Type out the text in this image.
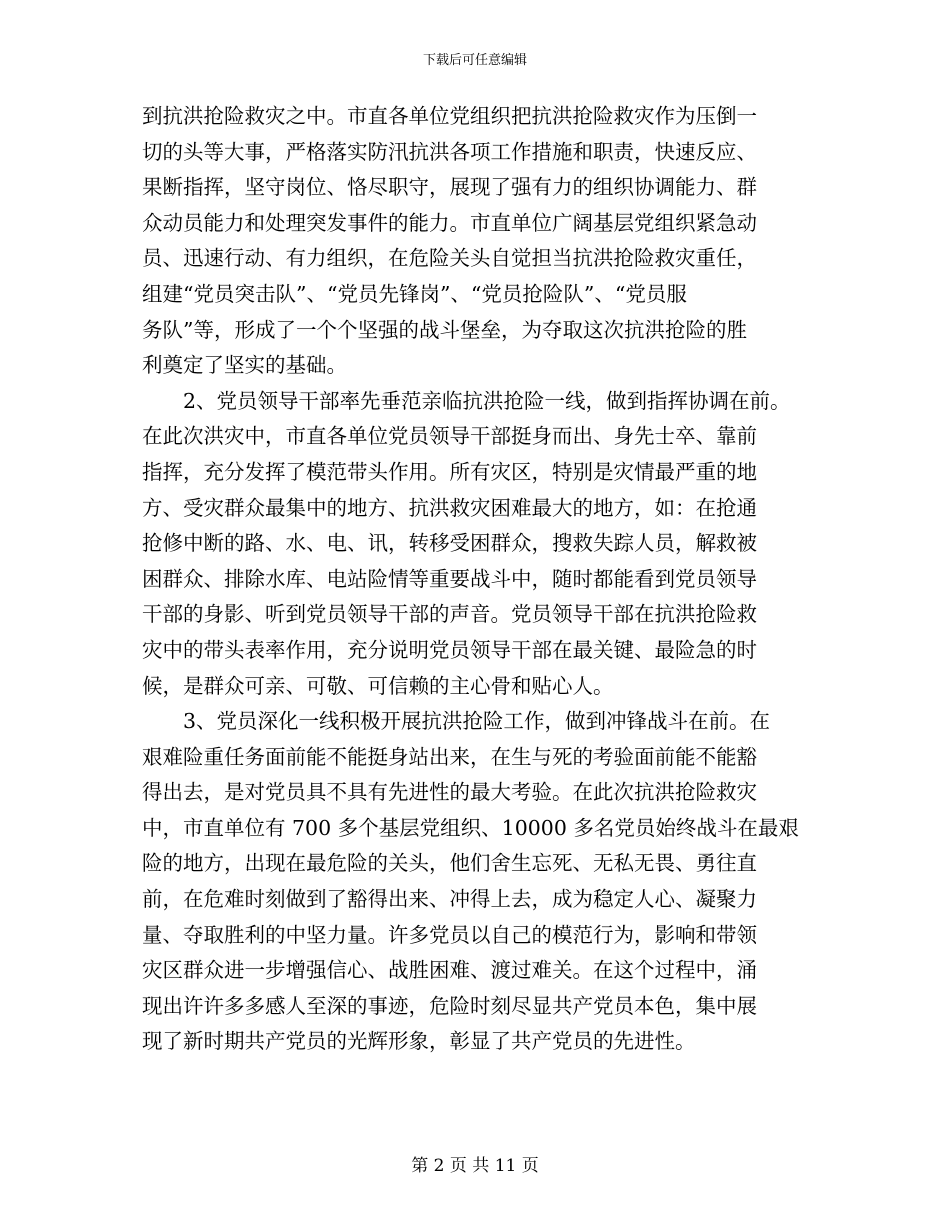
下载后可任意编辑
到抗洪抢险救灾之中。市直各单位党组织把抗洪抢险救灾作为压倒一
切的头等大事，严格落实防汛抗洪各项工作措施和职责，快速反应、
果断指挥，坚守岗位、恪尽职守，展现了强有力的组织协调能力、群
众动员能力和处理突发事件的能力。市直单位广阔基层党组织紧急动
员、迅速行动、有力组织，在危险关头自觉担当抗洪抢险救灾重任，
组建“党员突击队”、“党员先锋岗”、“党员抢险队”、“党员服
务队”等，形成了一个个坚强的战斗堡垒，为夺取这次抗洪抢险的胜
利奠定了坚实的基础。
2、党员领导干部率先垂范亲临抗洪抢险一线，做到指挥协调在前。
在此次洪灾中，市直各单位党员领导干部挺身而出、身先士卒、靠前
指挥，充分发挥了模范带头作用。所有灾区，特别是灾情最严重的地
方、受灾群众最集中的地方、抗洪救灾困难最大的地方，如：在抢通
抢修中断的路、水、电、讯，转移受困群众，搜救失踪人员，解救被
困群众、排除水库、电站险情等重要战斗中，随时都能看到党员领导
干部的身影、听到党员领导干部的声音。党员领导干部在抗洪抢险救
灾中的带头表率作用，充分说明党员领导干部在最关键、最险急的时
候，是群众可亲、可敬、可信赖的主心骨和贴心人。
3、党员深化一线积极开展抗洪抢险工作，做到冲锋战斗在前。在
艰难险重任务面前能不能挺身站出来，在生与死的考验面前能不能豁
得出去，是对党员具不具有先进性的最大考验。在此次抗洪抢险救灾
中，市直单位有 700 多个基层党组织、10000 多名党员始终战斗在最艰
险的地方，出现在最危险的关头，他们舍生忘死、无私无畏、勇往直
前，在危难时刻做到了豁得出来、冲得上去，成为稳定人心、凝聚力
量、夺取胜利的中坚力量。许多党员以自己的模范行为，影响和带领
灾区群众进一步增强信心、战胜困难、渡过难关。在这个过程中，涌
现出许许多多感人至深的事迹，危险时刻尽显共产党员本色，集中展
现了新时期共产党员的光辉形象，彰显了共产党员的先进性。
第 2 页 共 11 页
